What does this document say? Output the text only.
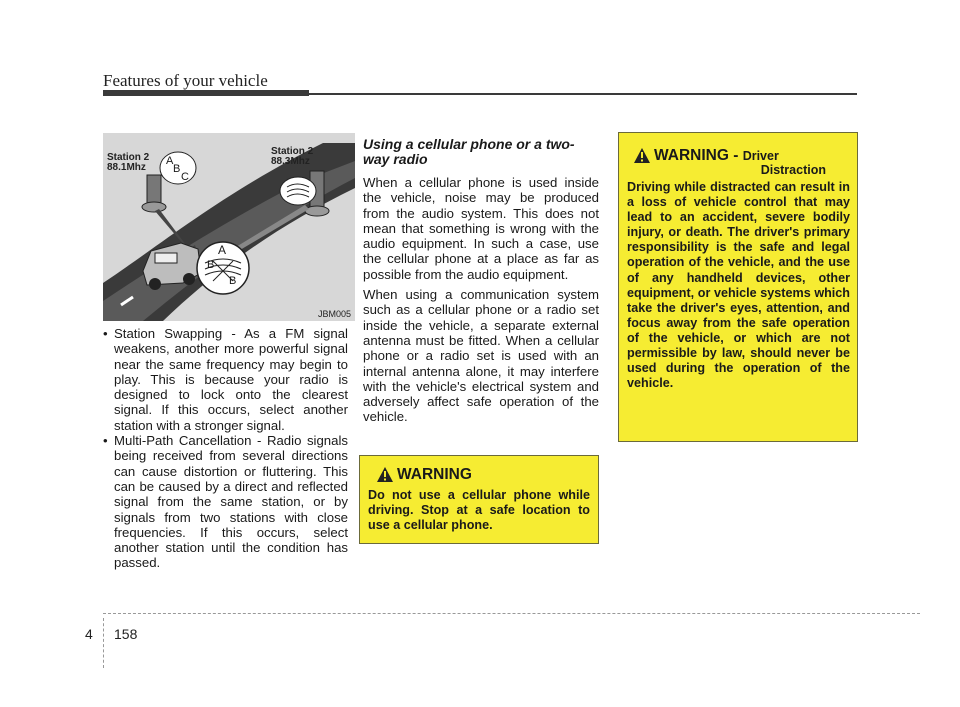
Features of your vehicle
Station 2
88.1Mhz
Station 2
88.3Mhz
A
B
C
A
B
B
JBM005
• Station Swapping - As a FM signal weakens, another more powerful signal near the same frequency may begin to play. This is because your radio is designed to lock onto the clearest signal. If this occurs, select another station with a stronger signal.
• Multi-Path Cancellation - Radio signals being received from several directions can cause distortion or fluttering. This can be caused by a direct and reflected signal from the same station, or by signals from two stations with close frequencies. If this occurs, select another station until the condition has passed.
Using a cellular phone or a two-way radio

When a cellular phone is used inside the vehicle, noise may be produced from the audio system. This does not mean that something is wrong with the audio equipment. In such a case, use the cellular phone at a place as far as possible from the audio equipment.

When using a communication system such as a cellular phone or a radio set inside the vehicle, a separate external antenna must be fitted. When a cellular phone or a radio set is used with an internal antenna alone, it may interfere with the vehicle's electrical system and adversely affect safe operation of the vehicle.

WARNING
Do not use a cellular phone while driving. Stop at a safe location to use a cellular phone.
WARNING - Driver
Distraction
Driving while distracted can result in a loss of vehicle control that may lead to an accident, severe bodily injury, or death. The driver's primary responsibility is the safe and legal operation of the vehicle, and the use of any handheld devices, other equipment, or vehicle systems which take the driver's eyes, attention, and focus away from the safe operation of the vehicle, or which are not permissible by law, should never be used during the operation of the vehicle.
4 158
